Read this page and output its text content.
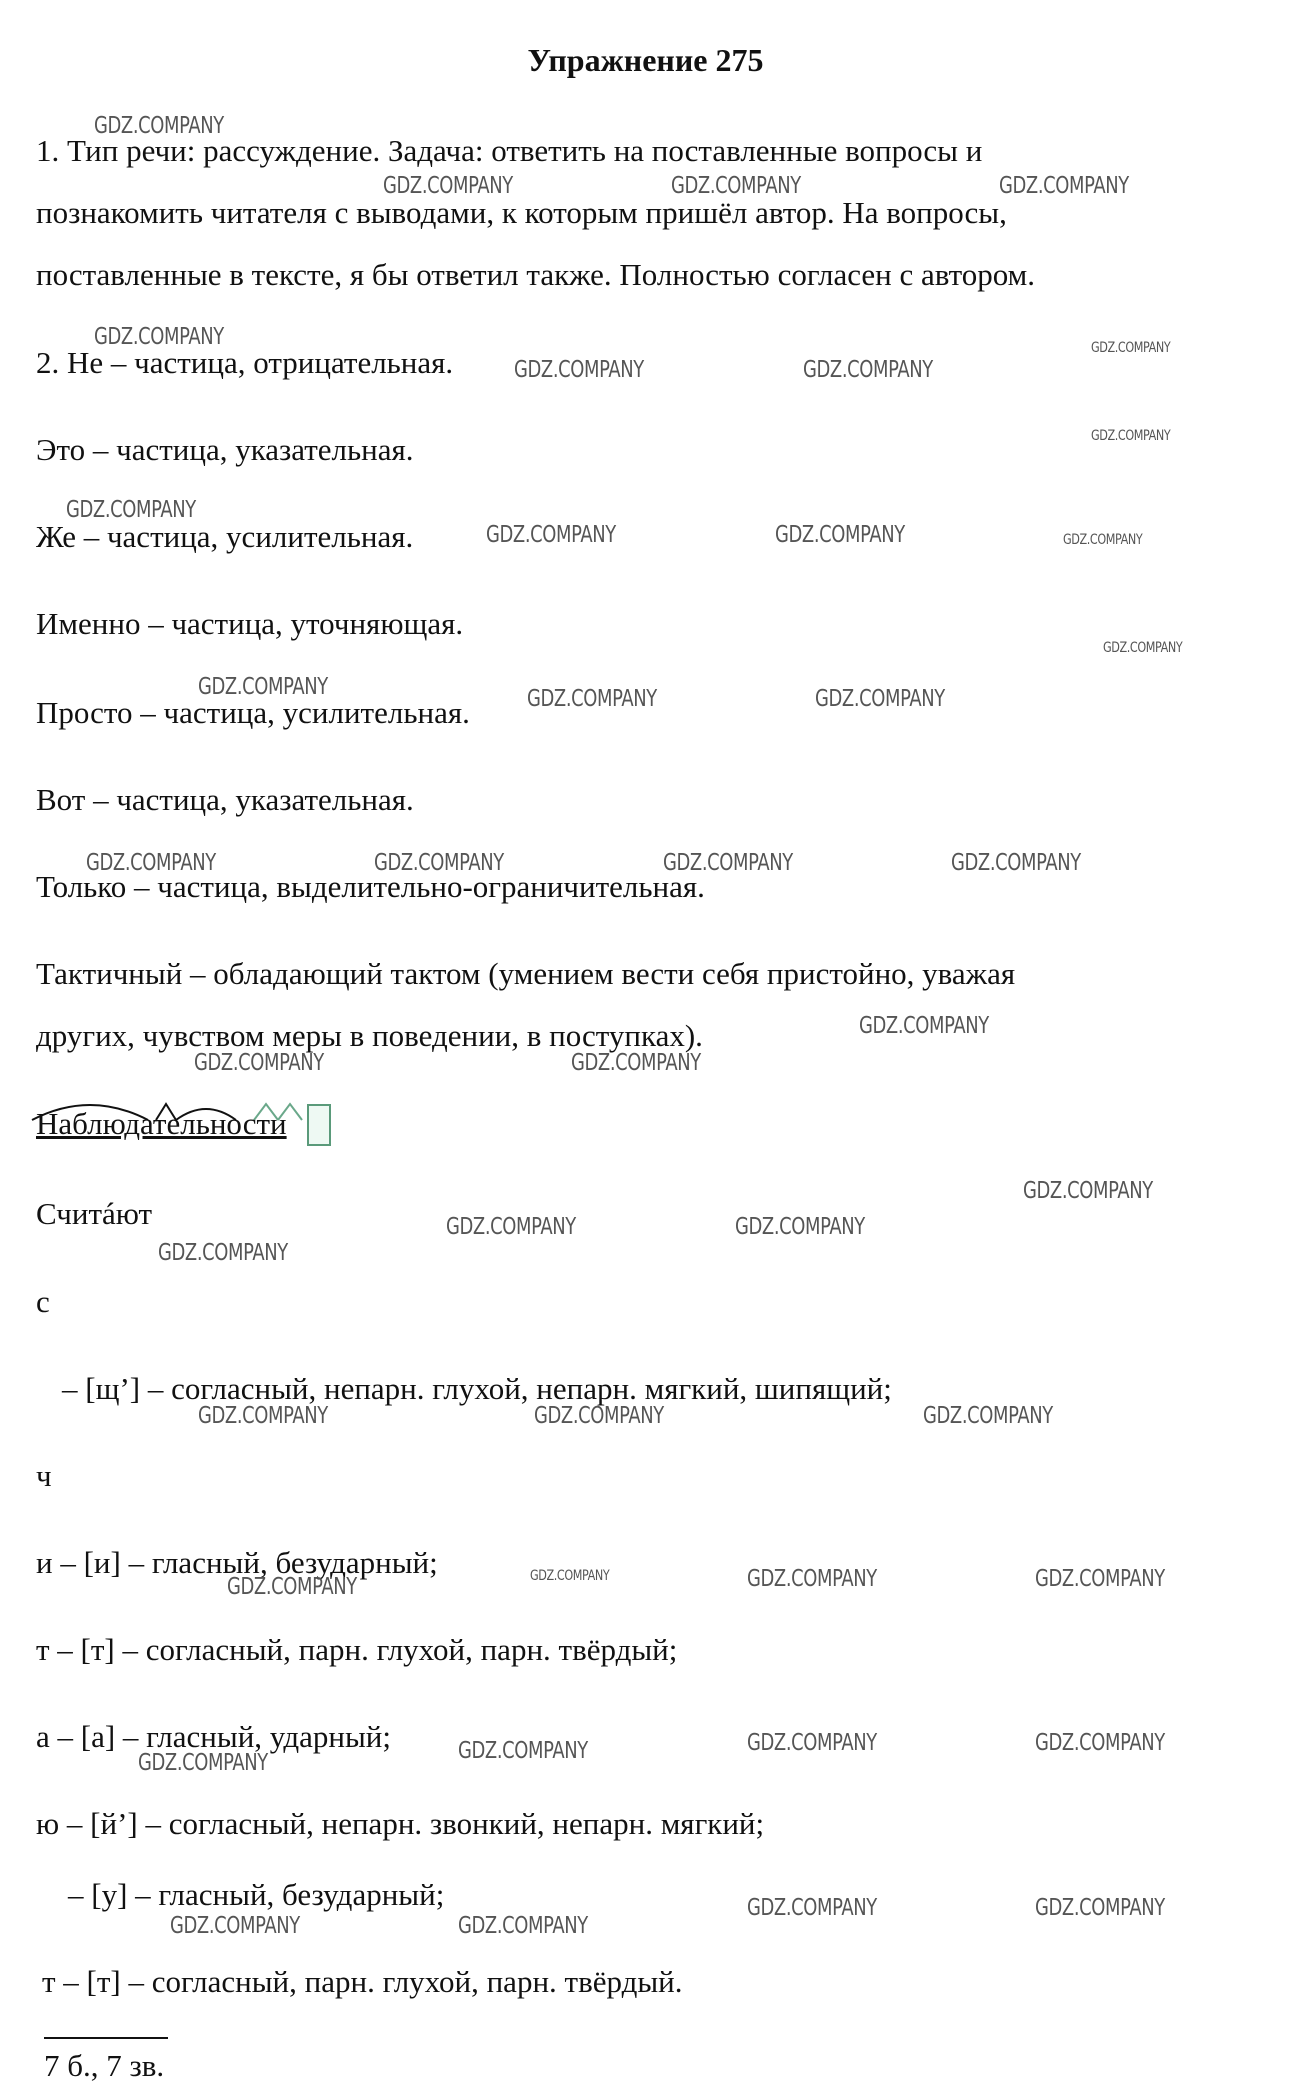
Упражнение 275
1. Тип речи: рассуждение. Задача: ответить на поставленные вопросы и
познакомить читателя с выводами, к которым пришёл автор. На вопросы,
поставленные в тексте, я бы ответил также. Полностью согласен с автором.
2. Не – частица, отрицательная.
Это – частица, указательная.
Же – частица, усилительная.
Именно – частица, уточняющая.
Просто – частица, усилительная.
Вот – частица, указательная.
Только – частица, выделительно-ограничительная.
Тактичный – обладающий тактом (умением вести себя пристойно, уважая
других, чувством меры в поведении, в поступках).
Наблюдательности
Считáют
с
– [щ’] – согласный, непарн. глухой, непарн. мягкий, шипящий;
ч
и – [и] – гласный, безударный;
т – [т] – согласный, парн. глухой, парн. твёрдый;
а – [а] – гласный, ударный;
ю – [й’] – согласный, непарн. звонкий, непарн. мягкий;
– [у] – гласный, безударный;
т – [т] – согласный, парн. глухой, парн. твёрдый.
7 б., 7 зв.
GDZ.COMPANY
GDZ.COMPANY	GDZ.COMPANY	GDZ.COMPANY
GDZ.COMPANY
GDZ.COMPANY	GDZ.COMPANY
GDZ.COMPANY
GDZ.COMPANY
GDZ.COMPANY
GDZ.COMPANY	GDZ.COMPANY	GDZ.COMPANY
GDZ.COMPANY
GDZ.COMPANY	GDZ.COMPANY	GDZ.COMPANY
GDZ.COMPANY	GDZ.COMPANY	GDZ.COMPANY	GDZ.COMPANY
GDZ.COMPANY
GDZ.COMPANY	GDZ.COMPANY
GDZ.COMPANY
GDZ.COMPANY	GDZ.COMPANY
GDZ.COMPANY
GDZ.COMPANY	GDZ.COMPANY	GDZ.COMPANY
GDZ.COMPANY	GDZ.COMPANY	GDZ.COMPANY	GDZ.COMPANY
GDZ.COMPANY	GDZ.COMPANY	GDZ.COMPANY	GDZ.COMPANY
GDZ.COMPANY	GDZ.COMPANY
GDZ.COMPANY	GDZ.COMPANY
